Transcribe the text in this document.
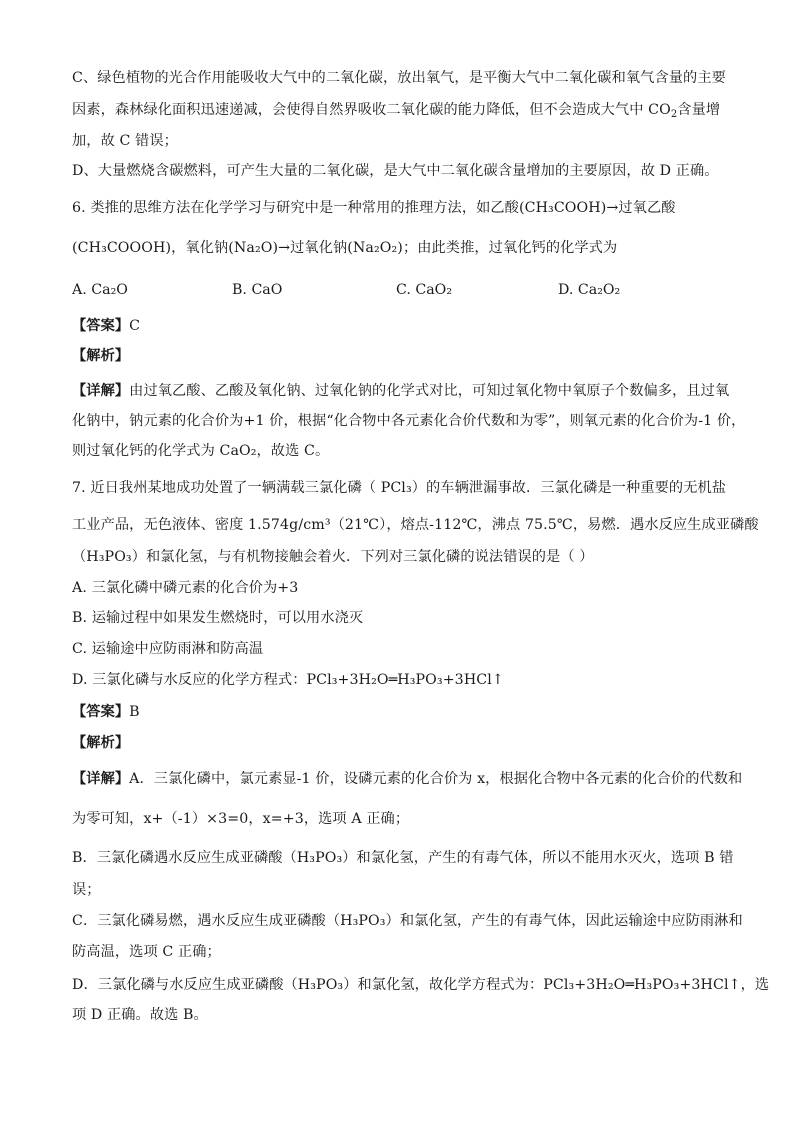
C、绿色植物的光合作用能吸收大气中的二氧化碳，放出氧气，是平衡大气中二氧化碳和氧气含量的主要
因素，森林绿化面积迅速递减，会使得自然界吸收二氧化碳的能力降低，但不会造成大气中 $CO_2$含量增
加，故 C 错误；
D、大量燃烧含碳燃料，可产生大量的二氧化碳，是大气中二氧化碳含量增加的主要原因，故 D 正确。
6. 类推的思维方法在化学学习与研究中是一种常用的推理方法，如乙酸(CH₃COOH)→过氧乙酸
(CH₃COOOH)，氧化钠(Na₂O)→过氧化钠(Na₂O₂)；由此类推，过氧化钙的化学式为
A. Ca₂O	B. CaO	C. CaO₂	D. Ca₂O₂
【答案】C
【解析】
【详解】由过氧乙酸、乙酸及氧化钠、过氧化钠的化学式对比，可知过氧化物中氧原子个数偏多，且过氧
化钠中，钠元素的化合价为+1 价，根据“化合物中各元素化合价代数和为零”，则氧元素的化合价为-1 价，
则过氧化钙的化学式为 CaO₂，故选 C。
7. 近日我州某地成功处置了一辆满载三氯化磷（ PCl₃）的车辆泄漏事故．三氯化磷是一种重要的无机盐
工业产品，无色液体、密度 1.574g/cm³（21℃），熔点-112℃，沸点 75.5℃，易燃．遇水反应生成亚磷酸
（H₃PO₃）和氯化氢，与有机物接触会着火．下列对三氯化磷的说法错误的是（ ）
A. 三氯化磷中磷元素的化合价为+3
B. 运输过程中如果发生燃烧时，可以用水浇灭
C. 运输途中应防雨淋和防高温
D. 三氯化磷与水反应的化学方程式：PCl₃+3H₂O═H₃PO₃+3HCl↑
【答案】B
【解析】
【详解】A．三氯化磷中，氯元素显-1 价，设磷元素的化合价为 x，根据化合物中各元素的化合价的代数和
为零可知，x+（-1）×3=0，x=+3，选项 A 正确；
B．三氯化磷遇水反应生成亚磷酸（H₃PO₃）和氯化氢，产生的有毒气体，所以不能用水灭火，选项 B 错
误；
C．三氯化磷易燃，遇水反应生成亚磷酸（H₃PO₃）和氯化氢，产生的有毒气体，因此运输途中应防雨淋和
防高温，选项 C 正确；
D．三氯化磷与水反应生成亚磷酸（H₃PO₃）和氯化氢，故化学方程式为：PCl₃+3H₂O═H₃PO₃+3HCl↑，选
项 D 正确。故选 B。
